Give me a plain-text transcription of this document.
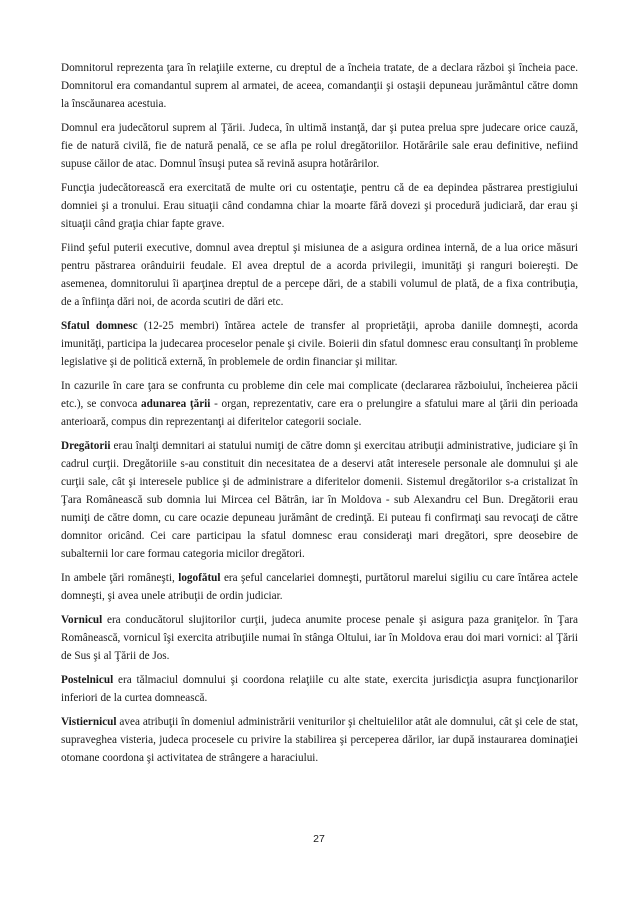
Domnitorul reprezenta ţara în relaţiile externe, cu dreptul de a încheia tratate, de a declara război şi încheia pace. Domnitorul era comandantul suprem al armatei, de aceea, comandanţii şi ostaşii depuneau jurământul către domn la înscăunarea acestuia.

Domnul era judecătorul suprem al Ţării. Judeca, în ultimă instanţă, dar şi putea prelua spre judecare orice cauză, fie de natură civilă, fie de natură penală, ce se afla pe rolul dregătoriilor. Hotărârile sale erau definitive, nefiind supuse căilor de atac. Domnul însuşi putea să revină asupra hotărârilor.

Funcţia judecătorească era exercitată de multe ori cu ostentaţie, pentru că de ea depindea păstrarea prestigiului domniei şi a tronului. Erau situaţii când condamna chiar la moarte fără dovezi şi procedură judiciară, dar erau şi situaţii când graţia chiar fapte grave.

Fiind şeful puterii executive, domnul avea dreptul şi misiunea de a asigura ordinea internă, de a lua orice măsuri pentru păstrarea orânduirii feudale. El avea dreptul de a acorda privilegii, imunităţi şi ranguri boiereşti. De asemenea, domnitorului îi aparţinea dreptul de a percepe dări, de a stabili volumul de plată, de a fixa contribuţia, de a înfiinţa dări noi, de acorda scutiri de dări etc.

Sfatul domnesc (12-25 membri) întărea actele de transfer al proprietăţii, aproba daniile domneşti, acorda imunităţi, participa la judecarea proceselor penale şi civile. Boierii din sfatul domnesc erau consultanţi în probleme legislative şi de politică externă, în problemele de ordin financiar şi militar.

In cazurile în care ţara se confrunta cu probleme din cele mai complicate (declararea războiului, încheierea păcii etc.), se convoca adunarea ţării - organ, reprezentativ, care era o prelungire a sfatului mare al ţării din perioada anterioară, compus din reprezentanţi ai diferitelor categorii sociale.

Dregătorii erau înalţi demnitari ai statului numiţi de către domn şi exercitau atribuţii administrative, judiciare şi în cadrul curţii. Dregătoriile s-au constituit din necesitatea de a deservi atât interesele personale ale domnului şi ale curţii sale, cât şi interesele publice şi de administrare a diferitelor domenii. Sistemul dregătorilor s-a cristalizat în Ţara Românească sub domnia lui Mircea cel Bătrân, iar în Moldova - sub Alexandru cel Bun. Dregătorii erau numiţi de către domn, cu care ocazie depuneau jurământ de credinţă. Ei puteau fi confirmaţi sau revocaţi de către domnitor oricând. Cei care participau la sfatul domnesc erau consideraţi mari dregători, spre deosebire de subalternii lor care formau categoria micilor dregători.

In ambele ţări româneşti, logofătul era şeful cancelariei domneşti, purtătorul marelui sigiliu cu care întărea actele domneşti, şi avea unele atribuţii de ordin judiciar.

Vornicul era conducătorul slujitorilor curţii, judeca anumite procese penale şi asigura paza graniţelor. în Ţara Românească, vornicul îşi exercita atribuţiile numai în stânga Oltului, iar în Moldova erau doi mari vornici: al Ţării de Sus şi al Ţării de Jos.

Postelnicul era tălmaciul domnului şi coordona relaţiile cu alte state, exercita jurisdicţia asupra funcţionarilor inferiori de la curtea domnească.

Vistiernicul avea atribuţii în domeniul administrării veniturilor şi cheltuielilor atât ale domnului, cât şi cele de stat, supraveghea visteria, judeca procesele cu privire la stabilirea şi perceperea dărilor, iar după instaurarea dominaţiei otomane coordona şi activitatea de strângere a haraciului.

27
